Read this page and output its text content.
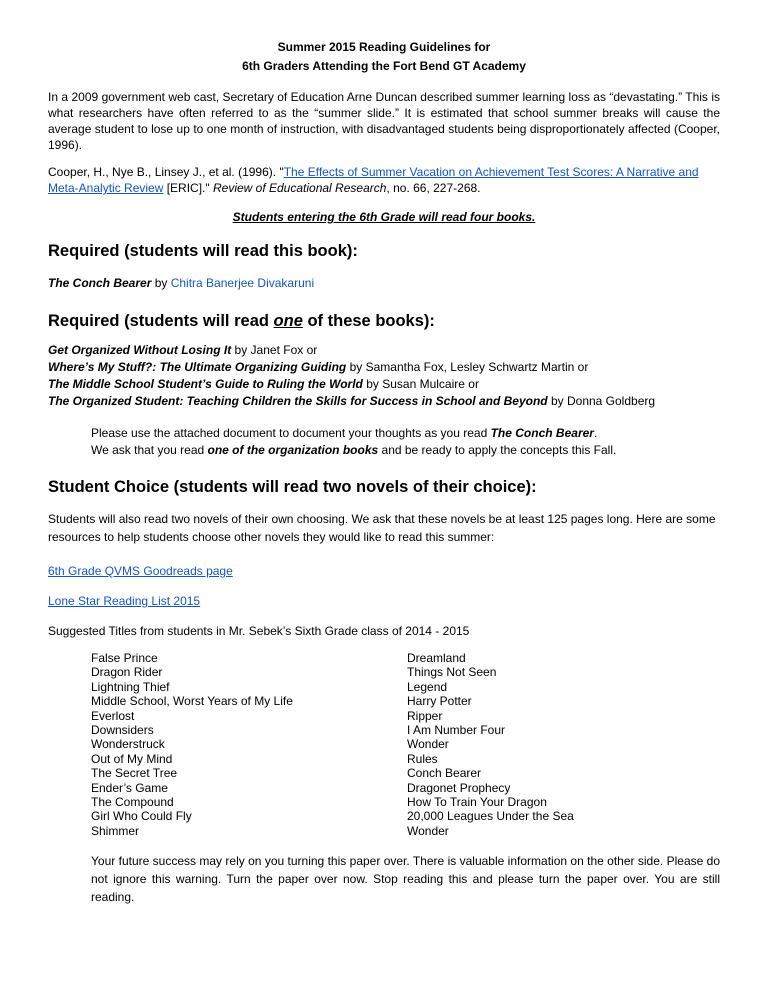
Summer 2015 Reading Guidelines for
6th Graders Attending the Fort Bend GT Academy

In a 2009 government web cast, Secretary of Education Arne Duncan described summer learning loss as “devastating.” This is what researchers have often referred to as the “summer slide.” It is estimated that school summer breaks will cause the average student to lose up to one month of instruction, with disadvantaged students being disproportionately affected (Cooper, 1996).

Cooper, H., Nye B., Linsey J., et al. (1996). "The Effects of Summer Vacation on Achievement Test Scores: A Narrative and Meta-Analytic Review [ERIC]." Review of Educational Research, no. 66, 227-268.

Students entering the 6th Grade will read four books.

Required (students will read this book):

The Conch Bearer by Chitra Banerjee Divakaruni

Required (students will read one of these books):
Get Organized Without Losing It by Janet Fox or
Where’s My Stuff?: The Ultimate Organizing Guiding by Samantha Fox, Lesley Schwartz Martin or
The Middle School Student’s Guide to Ruling the World by Susan Mulcaire or
The Organized Student: Teaching Children the Skills for Success in School and Beyond by Donna Goldberg
Please use the attached document to document your thoughts as you read The Conch Bearer.
We ask that you read one of the organization books and be ready to apply the concepts this Fall.
Student Choice (students will read two novels of their choice):

Students will also read two novels of their own choosing. We ask that these novels be at least 125 pages long. Here are some resources to help students choose other novels they would like to read this summer:

6th Grade QVMS Goodreads page

Lone Star Reading List 2015

Suggested Titles from students in Mr. Sebek’s Sixth Grade class of 2014 - 2015

False Prince
Dragon Rider
Lightning Thief
Middle School, Worst Years of My Life
Everlost
Downsiders
Wonderstruck
Out of My Mind
The Secret Tree
Ender’s Game
The Compound
Girl Who Could Fly
Shimmer
Dreamland
Things Not Seen
Legend
Harry Potter
Ripper
I Am Number Four
Wonder
Rules
Conch Bearer
Dragonet Prophecy
How To Train Your Dragon
20,000 Leagues Under the Sea
Wonder

Your future success may rely on you turning this paper over. There is valuable information on the other side. Please do not ignore this warning. Turn the paper over now. Stop reading this and please turn the paper over. You are still reading.
